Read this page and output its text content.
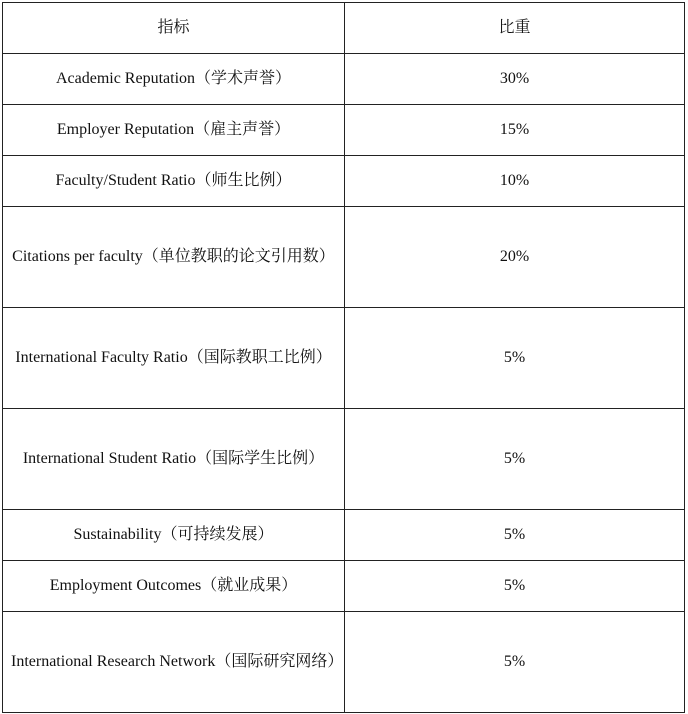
指标	比重
Academic Reputation（学术声誉）	30%
Employer Reputation（雇主声誉）	15%
Faculty/Student Ratio（师生比例）	10%
Citations per faculty（单位教职的论文引用数）	20%
International Faculty Ratio（国际教职工比例）	5%
International Student Ratio（国际学生比例）	5%
Sustainability（可持续发展）	5%
Employment Outcomes（就业成果）	5%
International Research Network（国际研究网络）	5%
